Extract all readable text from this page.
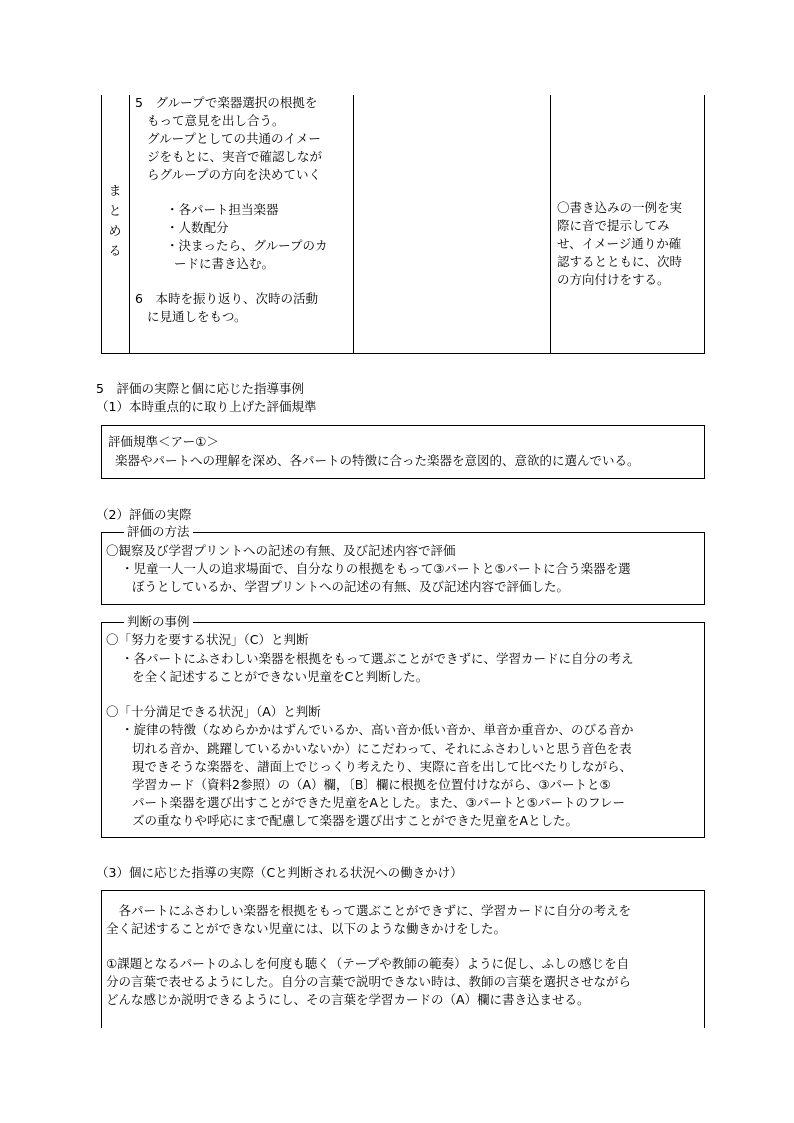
ま
と
め
る
5　グループで楽器選択の根拠を
もって意見を出し合う。
グループとしての共通のイメー
ジをもとに、実音で確認しなが
らグループの方向を決めていく
・各パート担当楽器
・人数配分
・決まったら、グループのカ
ードに書き込む。
6　本時を振り返り、次時の活動
に見通しをもつ。
〇書き込みの一例を実
際に音で提示してみ
せ、イメージ通りか確
認するとともに、次時
の方向付けをする。
5　評価の実際と個に応じた指導事例
（1）本時重点的に取り上げた評価規準
評価規準＜アー①＞
楽器やパートへの理解を深め、各パートの特徴に合った楽器を意図的、意欲的に選んでいる。
（2）評価の実際
評価の方法
〇観察及び学習プリントへの記述の有無、及び記述内容で評価
・児童一人一人の追求場面で、自分なりの根拠をもって③パートと⑤パートに合う楽器を選
ぼうとしているか、学習プリントへの記述の有無、及び記述内容で評価した。
判断の事例
〇「努力を要する状況」（C）と判断
・各パートにふさわしい楽器を根拠をもって選ぶことができずに、学習カードに自分の考え
を全く記述することができない児童をCと判断した。
〇「十分満足できる状況」（A）と判断
・旋律の特徴（なめらかかはずんでいるか、高い音か低い音か、単音か重音か、のびる音か
切れる音か、跳躍しているかいないか）にこだわって、それにふさわしいと思う音色を表
現できそうな楽器を、譜面上でじっくり考えたり、実際に音を出して比べたりしながら、
学習カード（資料2参照）の（A）欄，〔B〕欄に根拠を位置付けながら、③パートと⑤
パート楽器を選び出すことができた児童をAとした。また、③パートと⑤パートのフレー
ズの重なりや呼応にまで配慮して楽器を選び出すことができた児童をAとした。
（3）個に応じた指導の実際（Cと判断される状況への働きかけ）
　各パートにふさわしい楽器を根拠をもって選ぶことができずに、学習カードに自分の考えを
全く記述することができない児童には、以下のような働きかけをした。
①課題となるパートのふしを何度も聴く（テープや教師の範奏）ように促し、ふしの感じを自
分の言葉で表せるようにした。自分の言葉で説明できない時は、教師の言葉を選択させながら
どんな感じか説明できるようにし、その言葉を学習カードの（A）欄に書き込ませる。
